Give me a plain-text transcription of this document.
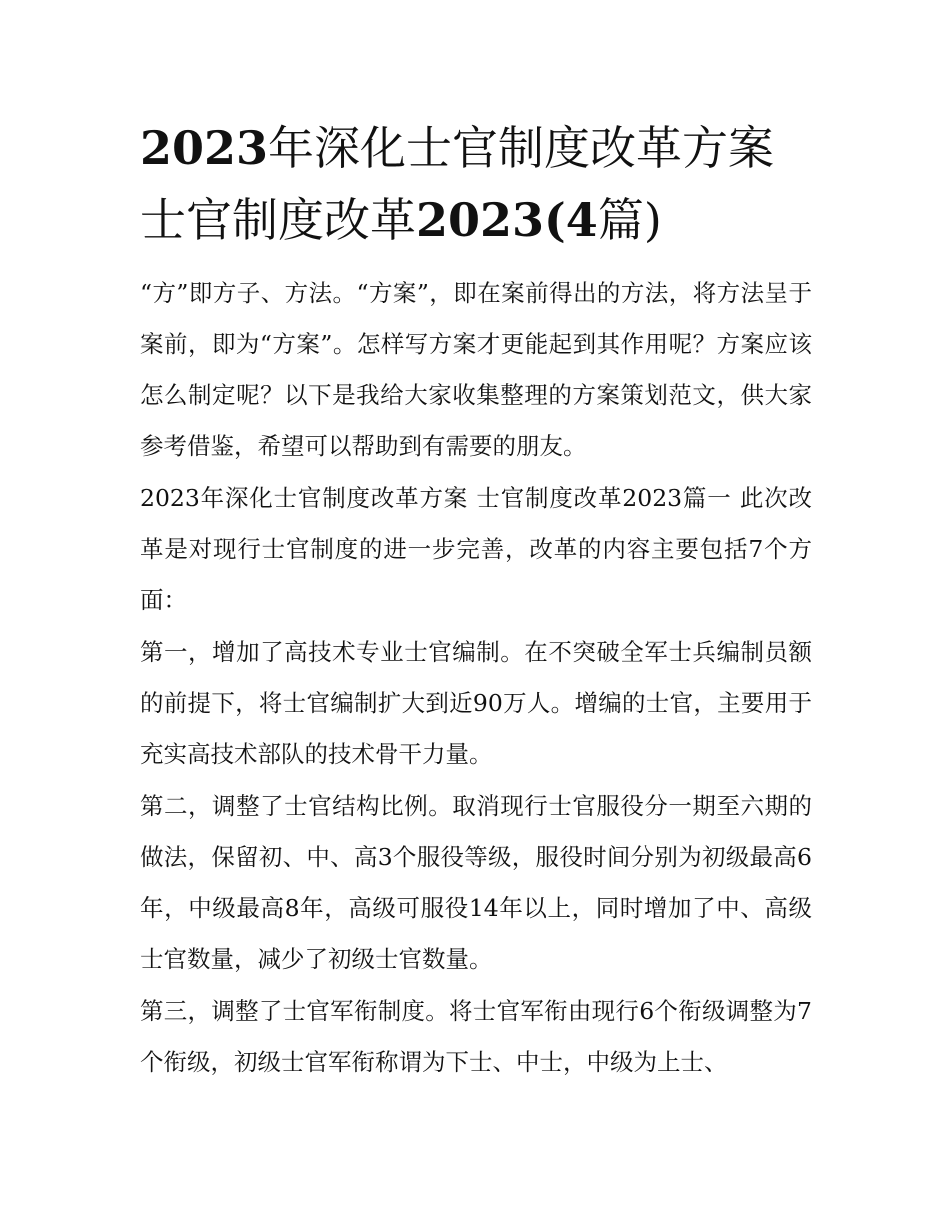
2023年深化士官制度改革方案士官制度改革2023(4篇)

“方”即方子、方法。“方案”，即在案前得出的方法，将方法呈于案前，即为“方案”。怎样写方案才更能起到其作用呢？方案应该怎么制定呢？以下是我给大家收集整理的方案策划范文，供大家参考借鉴，希望可以帮助到有需要的朋友。

2023年深化士官制度改革方案 士官制度改革2023篇一 此次改革是对现行士官制度的进一步完善，改革的内容主要包括7个方面：

第一，增加了高技术专业士官编制。在不突破全军士兵编制员额的前提下，将士官编制扩大到近90万人。增编的士官，主要用于充实高技术部队的技术骨干力量。

第二，调整了士官结构比例。取消现行士官服役分一期至六期的做法，保留初、中、高3个服役等级，服役时间分别为初级最高6年，中级最高8年，高级可服役14年以上，同时增加了中、高级士官数量，减少了初级士官数量。

第三，调整了士官军衔制度。将士官军衔由现行6个衔级调整为7个衔级，初级士官军衔称谓为下士、中士，中级为上士、
